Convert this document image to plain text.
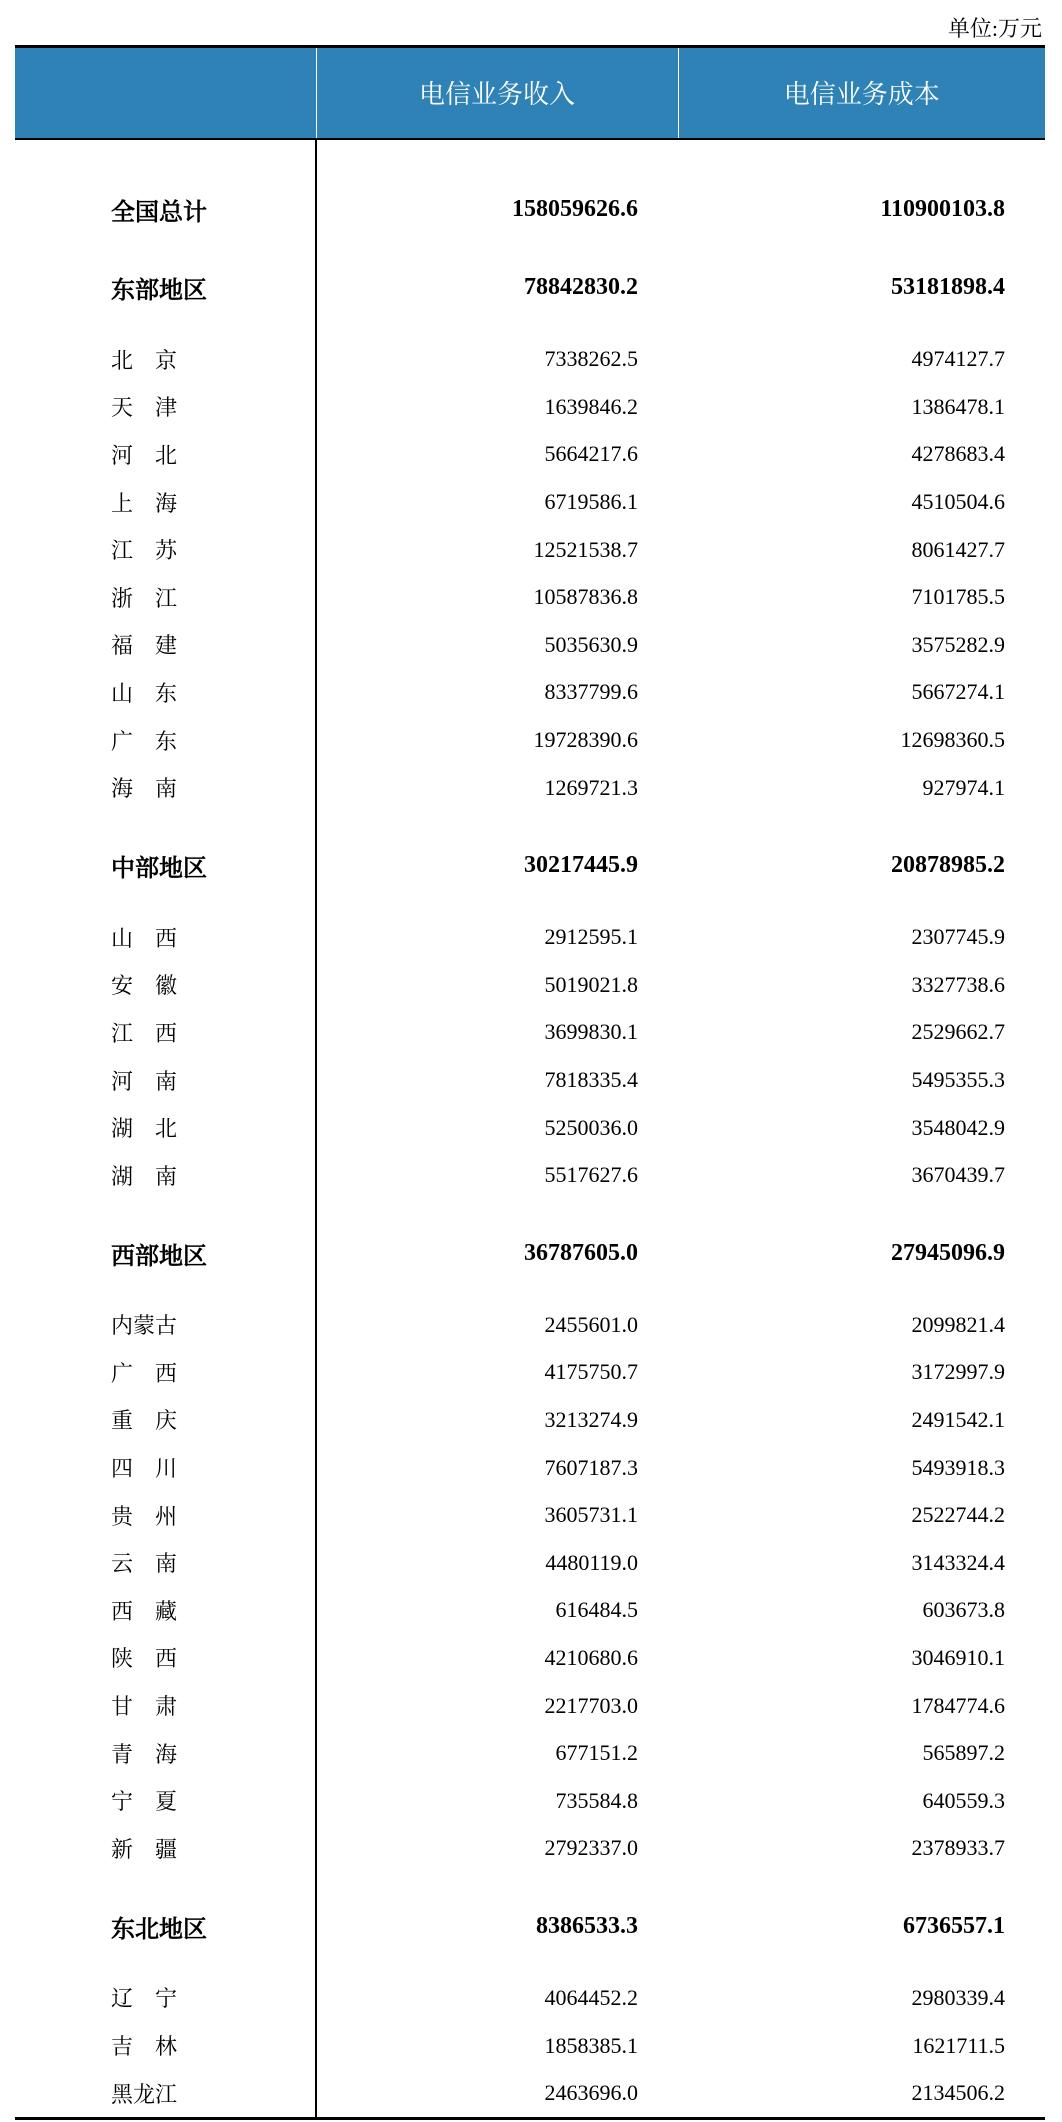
单位:万元
	电信业务收入	电信业务成本

全国总计	158059626.6	110900103.8

东部地区	78842830.2	53181898.4

北　京	7338262.5	4974127.7
天　津	1639846.2	1386478.1
河　北	5664217.6	4278683.4
上　海	6719586.1	4510504.6
江　苏	12521538.7	8061427.7
浙　江	10587836.8	7101785.5
福　建	5035630.9	3575282.9
山　东	8337799.6	5667274.1
广　东	19728390.6	12698360.5
海　南	1269721.3	927974.1

中部地区	30217445.9	20878985.2

山　西	2912595.1	2307745.9
安　徽	5019021.8	3327738.6
江　西	3699830.1	2529662.7
河　南	7818335.4	5495355.3
湖　北	5250036.0	3548042.9
湖　南	5517627.6	3670439.7

西部地区	36787605.0	27945096.9

内蒙古	2455601.0	2099821.4
广　西	4175750.7	3172997.9
重　庆	3213274.9	2491542.1
四　川	7607187.3	5493918.3
贵　州	3605731.1	2522744.2
云　南	4480119.0	3143324.4
西　藏	616484.5	603673.8
陕　西	4210680.6	3046910.1
甘　肃	2217703.0	1784774.6
青　海	677151.2	565897.2
宁　夏	735584.8	640559.3
新　疆	2792337.0	2378933.7

东北地区	8386533.3	6736557.1

辽　宁	4064452.2	2980339.4
吉　林	1858385.1	1621711.5
黑龙江	2463696.0	2134506.2
